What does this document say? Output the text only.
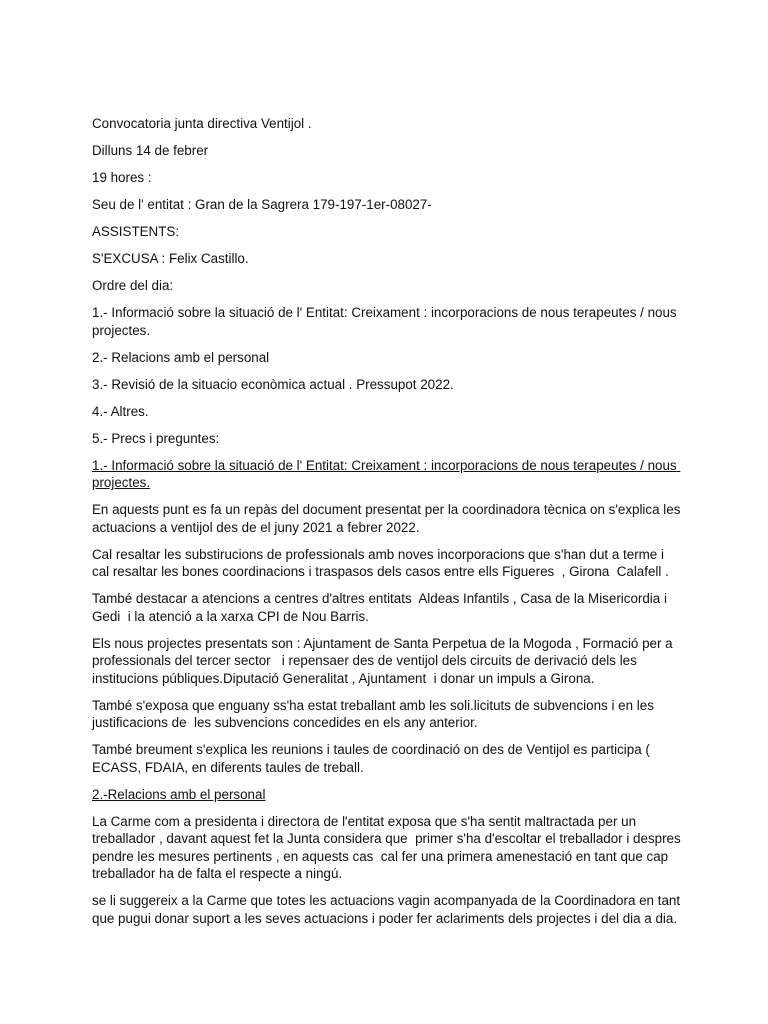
Convocatoria junta directiva Ventijol .

Dilluns 14 de febrer

19 hores :

Seu de l' entitat : Gran de la Sagrera 179-197-1er-08027-

ASSISTENTS:

S'EXCUSA : Felix Castillo.

Ordre del dia:

1.- Informació sobre la situació de l' Entitat: Creixament : incorporacions de nous terapeutes / nous projectes.

2.- Relacions amb el personal

3.- Revisió de la situacio econòmica actual . Pressupot 2022.

4.- Altres.

5.- Precs i preguntes:

1.- Informació sobre la situació de l' Entitat: Creixament : incorporacions de nous terapeutes / nous projectes.

En aquests punt es fa un repàs del document presentat per la coordinadora tècnica on s'explica les actuacions a ventijol des de el juny 2021 a febrer 2022.

Cal resaltar les substirucions de professionals amb noves incorporacions que s'han dut a terme i cal resaltar les bones coordinacions i traspasos dels casos entre ells Figueres  , Girona  Calafell .

També destacar a atencions a centres d'altres entitats  Aldeas Infantils , Casa de la Misericordia i Gedi  i la atenció a la xarxa CPI de Nou Barris.

Els nous projectes presentats son : Ajuntament de Santa Perpetua de la Mogoda , Formació per a professionals del tercer sector   i repensaer des de ventijol dels circuits de derivació dels les institucions públiques.Diputació Generalitat , Ajuntament  i donar un impuls a Girona.

També s'exposa que enguany ss'ha estat treballant amb les soli.licituts de subvencions i en les justificacions de  les subvencions concedides en els any anterior.

També breument s'explica les reunions i taules de coordinació on des de Ventijol es participa ( ECASS, FDAIA, en diferents taules de treball.

2.-Relacions amb el personal

La Carme com a presidenta i directora de l'entitat exposa que s'ha sentit maltractada per un treballador , davant aquest fet la Junta considera que  primer s'ha d'escoltar el treballador i despres pendre les mesures pertinents , en aquests cas  cal fer una primera amenestació en tant que cap treballador ha de falta el respecte a ningú.

se li suggereix a la Carme que totes les actuacions vagin acompanyada de la Coordinadora en tant que pugui donar suport a les seves actuacions i poder fer aclariments dels projectes i del dia a dia.
